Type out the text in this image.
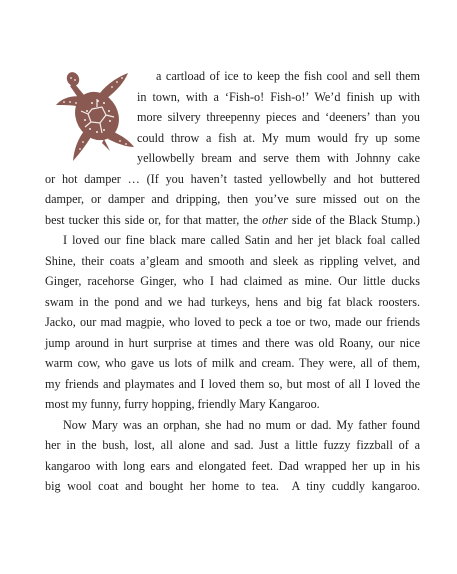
a cartload of ice to keep the fish cool and sell them
in town, with a ‘Fish-o! Fish-o!’ We’d finish up with
more silvery threepenny pieces and ‘deeners’ than you
could throw a fish at. My mum would fry up some
yellowbelly bream and serve them with Johnny cake
or hot damper … (If you haven’t tasted yellowbelly and hot buttered
damper, or damper and dripping, then you’ve sure missed out on the
best tucker this side or, for that matter, the other side of the Black Stump.)
I loved our fine black mare called Satin and her jet black foal called
Shine, their coats a’gleam and smooth and sleek as rippling velvet, and
Ginger, racehorse Ginger, who I had claimed as mine. Our little ducks
swam in the pond and we had turkeys, hens and big fat black roosters.
Jacko, our mad magpie, who loved to peck a toe or two, made our friends
jump around in hurt surprise at times and there was old Roany, our nice
warm cow, who gave us lots of milk and cream. They were, all of them,
my friends and playmates and I loved them so, but most of all I loved the
most my funny, furry hopping, friendly Mary Kangaroo.
Now Mary was an orphan, she had no mum or dad. My father found
her in the bush, lost, all alone and sad. Just a little fuzzy fizzball of a
kangaroo with long ears and elongated feet. Dad wrapped her up in his
big wool coat and bought her home to tea.  A tiny cuddly kangaroo.
